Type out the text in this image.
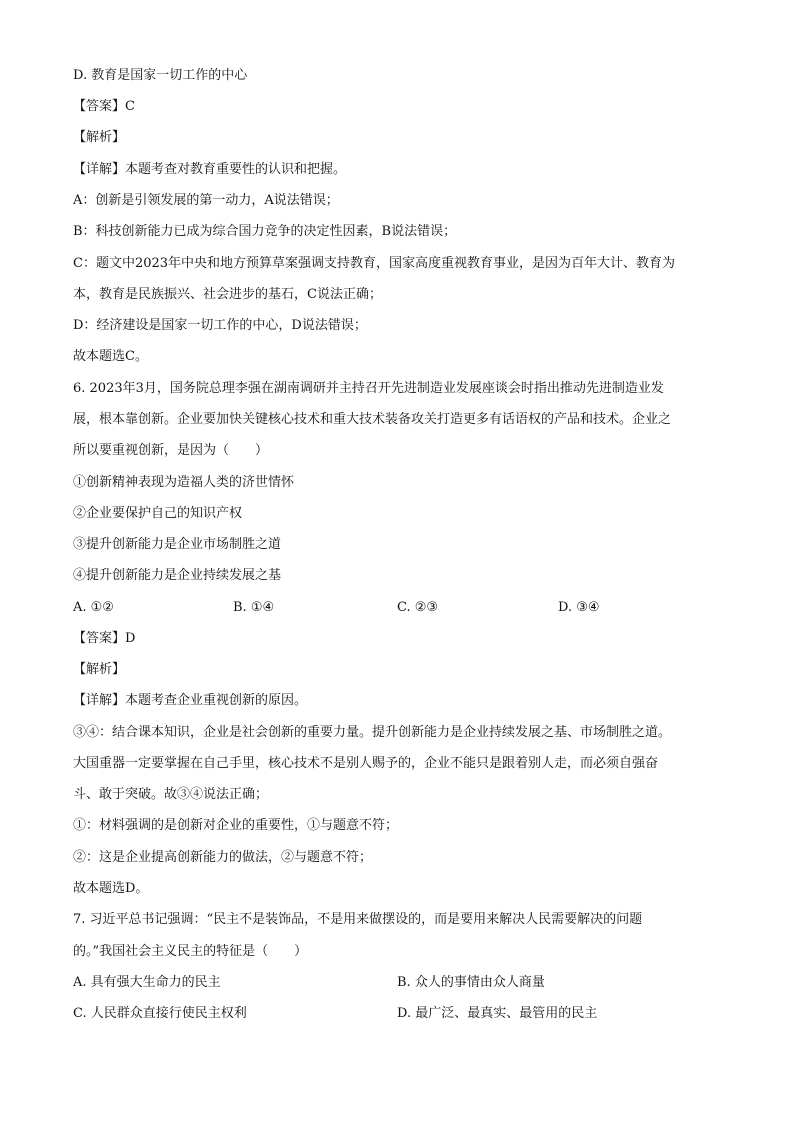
D. 教育是国家一切工作的中心
【答案】C
【解析】
【详解】本题考查对教育重要性的认识和把握。
A：创新是引领发展的第一动力，A说法错误；
B：科技创新能力已成为综合国力竞争的决定性因素，B说法错误；
C：题文中2023年中央和地方预算草案强调支持教育，国家高度重视教育事业，是因为百年大计、教育为
本，教育是民族振兴、社会进步的基石，C说法正确；
D：经济建设是国家一切工作的中心，D说法错误；
故本题选C。
6. 2023年3月，国务院总理李强在湖南调研并主持召开先进制造业发展座谈会时指出推动先进制造业发
展，根本靠创新。企业要加快关键核心技术和重大技术装备攻关打造更多有话语权的产品和技术。企业之
所以要重视创新，是因为（　　）
①创新精神表现为造福人类的济世情怀
②企业要保护自己的知识产权
③提升创新能力是企业市场制胜之道
④提升创新能力是企业持续发展之基
A. ①②	B. ①④	C. ②③	D. ③④
【答案】D
【解析】
【详解】本题考查企业重视创新的原因。
③④：结合课本知识，企业是社会创新的重要力量。提升创新能力是企业持续发展之基、市场制胜之道。
大国重器一定要掌握在自己手里，核心技术不是别人赐予的，企业不能只是跟着别人走，而必须自强奋
斗、敢于突破。故③④说法正确；
①：材料强调的是创新对企业的重要性，①与题意不符；
②：这是企业提高创新能力的做法，②与题意不符；
故本题选D。
7. 习近平总书记强调：“民主不是装饰品，不是用来做摆设的，而是要用来解决人民需要解决的问题
的。”我国社会主义民主的特征是（　　）
A. 具有强大生命力的民主	B. 众人的事情由众人商量
C. 人民群众直接行使民主权利	D. 最广泛、最真实、最管用的民主
